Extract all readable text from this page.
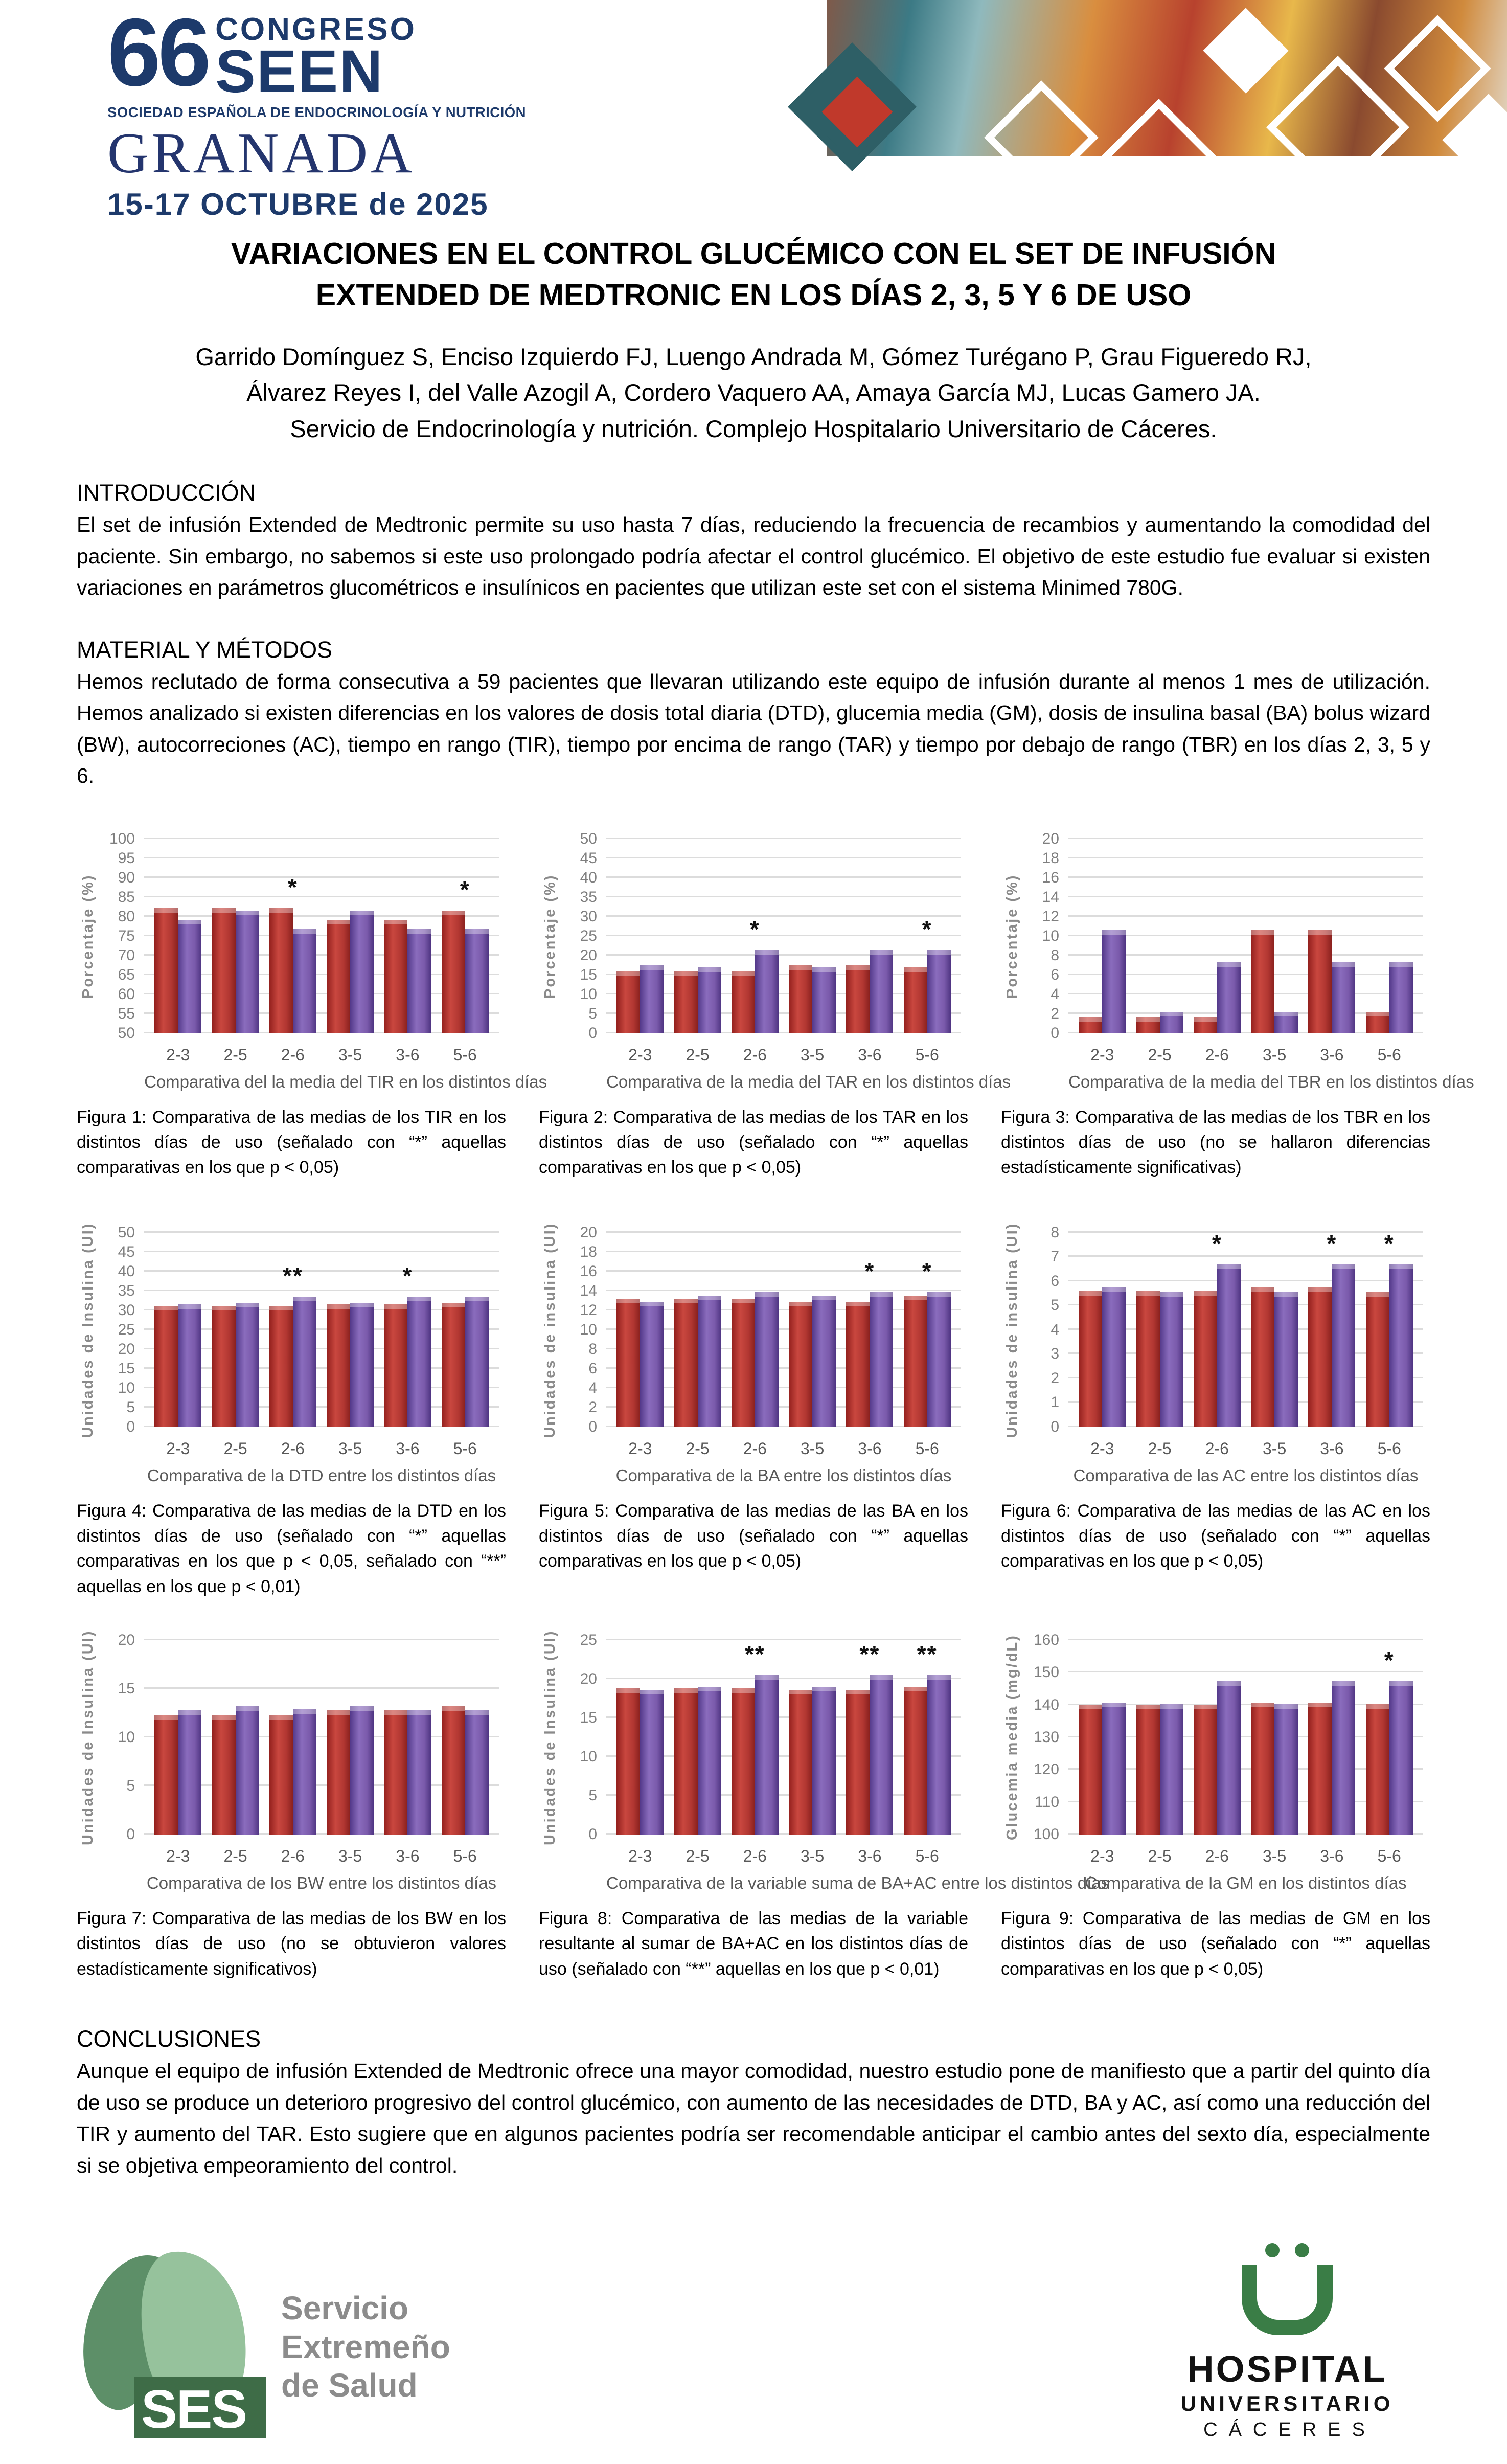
66 CONGRESO
SEEN
SOCIEDAD ESPAÑOLA DE ENDOCRINOLOGÍA Y NUTRICIÓN
GRANADA
15-17 OCTUBRE de 2025
VARIACIONES EN EL CONTROL GLUCÉMICO CON EL SET DE INFUSIÓN
EXTENDED DE MEDTRONIC EN LOS DÍAS 2, 3, 5 Y 6 DE USO
Garrido Domínguez S, Enciso Izquierdo FJ, Luengo Andrada M, Gómez Turégano P, Grau Figueredo RJ,
Álvarez Reyes I, del Valle Azogil A, Cordero Vaquero AA, Amaya García MJ, Lucas Gamero JA.
Servicio de Endocrinología y nutrición. Complejo Hospitalario Universitario de Cáceres.
INTRODUCCIÓN

El set de infusión Extended de Medtronic permite su uso hasta 7 días, reduciendo la frecuencia de recambios y aumentando la comodidad del paciente. Sin embargo, no sabemos si este uso prolongado podría afectar el control glucémico. El objetivo de este estudio fue evaluar si existen variaciones en parámetros glucométricos e insulínicos en pacientes que utilizan este set con el sistema Minimed 780G.

MATERIAL Y MÉTODOS

Hemos reclutado de forma consecutiva a 59 pacientes que llevaran utilizando este equipo de infusión durante al menos 1 mes de utilización. Hemos analizado si existen diferencias en los valores de dosis total diaria (DTD), glucemia media (GM), dosis de insulina basal (BA) bolus wizard (BW), autocorreciones (AC), tiempo en rango (TIR), tiempo por encima de rango (TAR) y tiempo por debajo de rango (TBR) en los días 2, 3, 5 y 6.

Porcentaje (%)
50
55
60
65
70
75
80
85
90
95
100
2-3 2-5
*
2-6 3-5 3-6
*
5-6
Comparativa del la media del TIR en los distintos días
Figura 1: Comparativa de las medias de los TIR en los distintos días de uso (señalado con “*” aquellas comparativas en los que p < 0,05)
Porcentaje (%)
0
5
10
15
20
25
30
35
40
45
50
2-3 2-5
*
2-6 3-5 3-6
*
5-6
Comparativa de la media del TAR en los distintos días
Figura 2: Comparativa de las medias de los TAR en los distintos días de uso (señalado con “*” aquellas comparativas en los que p < 0,05)
Porcentaje (%)
0
2
4
6
8
10
12
14
16
18
20
2-3 2-5 2-6 3-5 3-6 5-6
Comparativa de la media del TBR en los distintos días
Figura 3: Comparativa de las medias de los TBR en los distintos días de uso (no se hallaron diferencias estadísticamente significativas)
Unidades de Insulina (UI)	0
5
10
15
20
25
30
35
40
45
50
2-3 2-5
**
2-6 3-5
*
3-6 5-6
Comparativa de la DTD entre los distintos días
Figura 4: Comparativa de las medias de la DTD en los distintos días de uso (señalado con “*” aquellas comparativas en los que p < 0,05, señalado con “**” aquellas en los que p < 0,01)
Unidades de insulina (UI)	0
2
4
6
8
10
12
14
16
18
20
2-3 2-5 2-6 3-5
*
3-6
*
5-6
Comparativa de la BA entre los distintos días
Figura 5: Comparativa de las medias de las BA en los distintos días de uso (señalado con “*” aquellas comparativas en los que p < 0,05)
Unidades de insulina (UI)	0
1
2
3
4
5
6
7
8
2-3 2-5
*
2-6 3-5
*
3-6
*
5-6
Comparativa de las AC entre los distintos días
Figura 6: Comparativa de las medias de las AC en los distintos días de uso (señalado con “*” aquellas comparativas en los que p < 0,05)
Unidades de Insulina (UI)	0
5
10
15
20
2-3 2-5 2-6 3-5 3-6 5-6
Comparativa de los BW entre los distintos días
Figura 7: Comparativa de las medias de los BW en los distintos días de uso (no se obtuvieron valores estadísticamente significativos)
Unidades de Insulina (UI)	0
5
10
15
20
25
2-3 2-5
**
2-6 3-5
**
3-6
**
5-6
Comparativa de la variable suma de BA+AC entre los distintos días
Figura 8: Comparativa de las medias de la variable resultante al sumar de BA+AC en los distintos días de uso (señalado con “**” aquellas en los que p < 0,01)
Glucemia media (mg/dL) 100
110
120
130
140
150
160
2-3 2-5 2-6 3-5 3-6
*
5-6
Comparativa de la GM en los distintos días
Figura 9: Comparativa de las medias de GM en los distintos días de uso (señalado con “*” aquellas comparativas en los que p < 0,05)
CONCLUSIONES

Aunque el equipo de infusión Extended de Medtronic ofrece una mayor comodidad, nuestro estudio pone de manifiesto que a partir del quinto día de uso se produce un deterioro progresivo del control glucémico, con aumento de las necesidades de DTD, BA y AC, así como una reducción del TIR y aumento del TAR. Esto sugiere que en algunos pacientes podría ser recomendable anticipar el cambio antes del sexto día, especialmente si se objetiva empeoramiento del control.

SES
Servicio
Extremeño
de Salud	HOSPITAL
UNIVERSITARIO
CÁCERES
